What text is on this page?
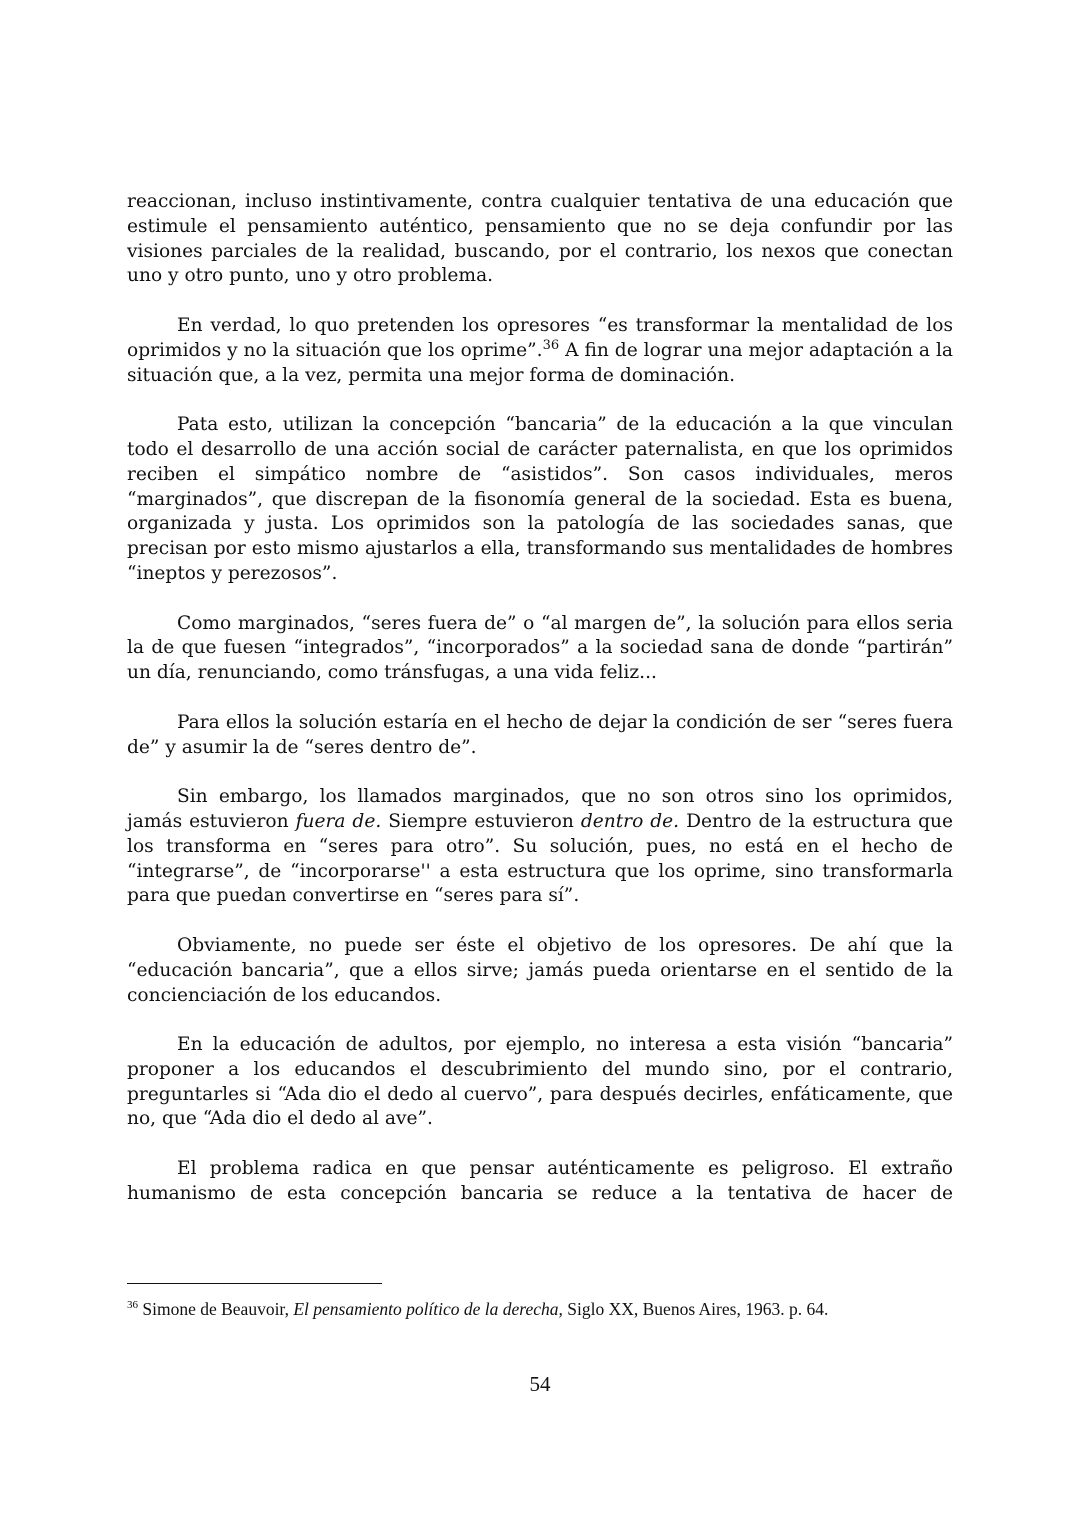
reaccionan, incluso instintivamente, contra cualquier tentativa de una educación que estimule el pensamiento auténtico, pensamiento que no se deja confundir por las visiones parciales de la realidad, buscando, por el contrario, los nexos que conectan uno y otro punto, uno y otro problema.

En verdad, lo quo pretenden los opresores “es transformar la mentalidad de los oprimidos y no la situación que los oprime”.$^{36}$ A fin de lograr una mejor adaptación a la situación que, a la vez, permita una mejor forma de dominación.

Pata esto, utilizan la concepción “bancaria” de la educación a la que vinculan todo el desarrollo de una acción social de carácter paternalista, en que los oprimidos reciben el simpático nombre de “asistidos”. Son casos individuales, meros “marginados”, que discrepan de la fisonomía general de la sociedad. Esta es buena, organizada y justa. Los oprimidos son la patología de las sociedades sanas, que precisan por esto mismo ajustarlos a ella, transformando sus mentalidades de hombres “ineptos y perezosos”.

Como marginados, “seres fuera de” o “al margen de”, la solución para ellos seria la de que fuesen “integrados”, “incorporados” a la sociedad sana de donde “partirán” un día, renunciando, como tránsfugas, a una vida feliz...

Para ellos la solución estaría en el hecho de dejar la condición de ser “seres fuera de” y asumir la de “seres dentro de”.

Sin embargo, los llamados marginados, que no son otros sino los oprimidos, jamás estuvieron fuera de. Siempre estuvieron dentro de. Dentro de la estructura que los transforma en “seres para otro”. Su solución, pues, no está en el hecho de “integrarse”, de “incorporarse'' a esta estructura que los oprime, sino transformarla para que puedan convertirse en “seres para sí”.

Obviamente, no puede ser éste el objetivo de los opresores. De ahí que la “educación bancaria”, que a ellos sirve; jamás pueda orientarse en el sentido de la concienciación de los educandos.

En la educación de adultos, por ejemplo, no interesa a esta visión “bancaria” proponer a los educandos el descubrimiento del mundo sino, por el contrario, preguntarles si “Ada dio el dedo al cuervo”, para después decirles, enfáticamente, que no, que “Ada dio el dedo al ave”.

El problema radica en que pensar auténticamente es peligroso. El extraño humanismo de esta concepción bancaria se reduce a la tentativa de hacer de

$^{36}$ Simone de Beauvoir, El pensamiento político de la derecha, Siglo XX, Buenos Aires, 1963. p. 64.
54
